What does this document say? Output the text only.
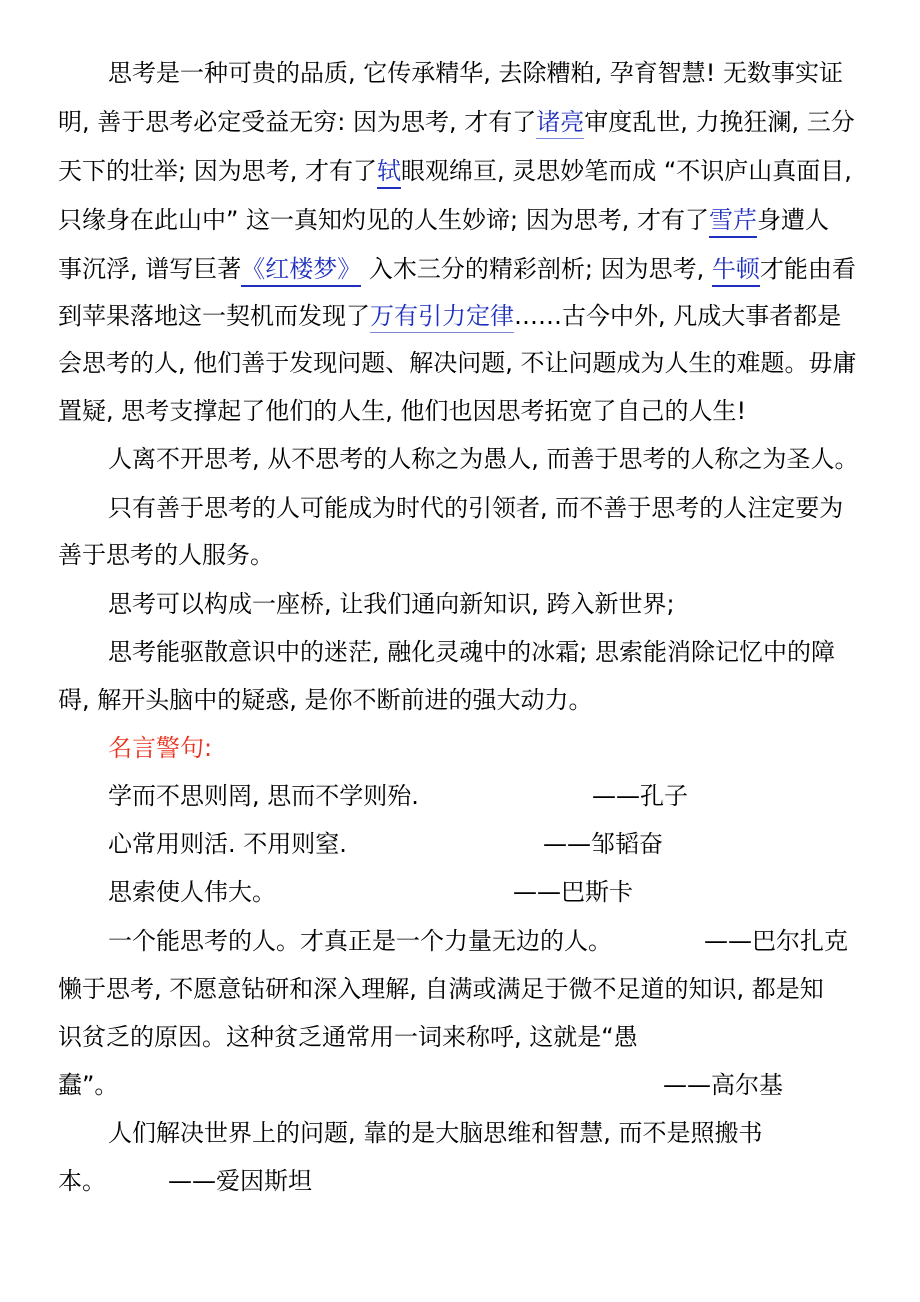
思考是一种可贵的品质, 它传承精华, 去除糟粕, 孕育智慧! 无数事实证
明, 善于思考必定受益无穷: 因为思考, 才有了诸亮审度乱世, 力挽狂澜, 三分
天下的壮举; 因为思考, 才有了轼眼观绵亘, 灵思妙笔而成 “不识庐山真面目,
只缘身在此山中” 这一真知灼见的人生妙谛; 因为思考, 才有了雪芹身遭人
事沉浮, 谱写巨著《红楼梦》 入木三分的精彩剖析; 因为思考, 牛顿才能由看
到苹果落地这一契机而发现了万有引力定律……古今中外, 凡成大事者都是
会思考的人, 他们善于发现问题、解决问题, 不让问题成为人生的难题。毋庸
置疑, 思考支撑起了他们的人生, 他们也因思考拓宽了自己的人生!
人离不开思考, 从不思考的人称之为愚人, 而善于思考的人称之为圣人。
只有善于思考的人可能成为时代的引领者, 而不善于思考的人注定要为
善于思考的人服务。
思考可以构成一座桥, 让我们通向新知识, 跨入新世界;
思考能驱散意识中的迷茫, 融化灵魂中的冰霜; 思索能消除记忆中的障
碍, 解开头脑中的疑惑, 是你不断前进的强大动力。
名言警句:
学而不思则罔, 思而不学则殆.	——孔子
心常用则活. 不用则窒.	——邹韬奋
思索使人伟大。	——巴斯卡
一个能思考的人。才真正是一个力量无边的人。	——巴尔扎克
懒于思考, 不愿意钻研和深入理解, 自满或满足于微不足道的知识, 都是知
识贫乏的原因。这种贫乏通常用一词来称呼, 这就是“愚
蠢”。	——高尔基
人们解决世界上的问题, 靠的是大脑思维和智慧, 而不是照搬书
本。	——爱因斯坦
